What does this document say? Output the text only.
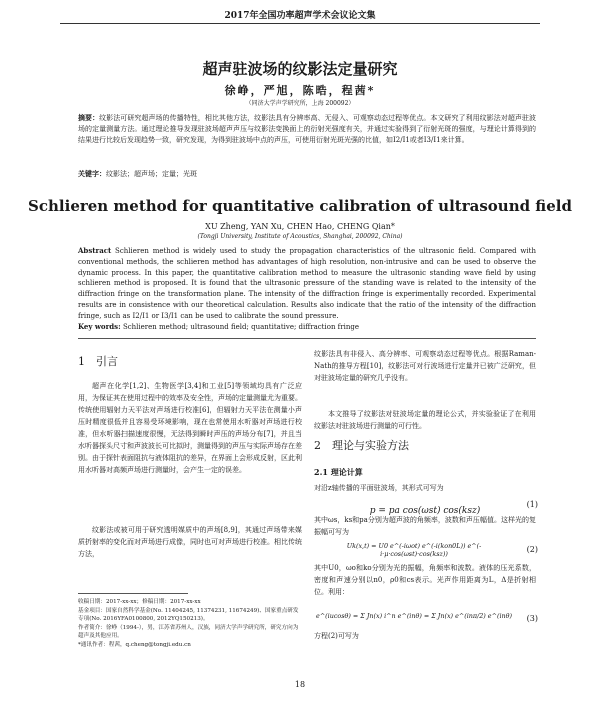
2017年全国功率超声学术会议论文集
超声驻波场的纹影法定量研究
徐峥，严旭，陈晧，程茜*
（同济大学声学研究所，上海 200092）
摘要：纹影法可研究超声场的传播特性，相比其他方法，纹影法具有分辨率高、无侵入、可观察动态过程等优点。本文研究了利用纹影法对超声驻波场的定量测量方法。通过理论推导发现驻波场超声声压与纹影法变换面上的衍射光强度有关，并通过实验得到了衍射光斑的强度，与理论计算得到的结果进行比较后发现趋势一致，研究发现，为得到驻波场中点的声压，可使用衍射光斑光强的比值，如I2/I1或者I3/I1来计算。
关键字：纹影法；超声场；定量；光斑
Schlieren method for quantitative calibration of ultrasound field
XU Zheng, YAN Xu, CHEN Hao, CHENG Qian*
(Tongji University, Institute of Acoustics, Shanghai, 200092, China)
Abstract Schlieren method is widely used to study the propagation characteristics of the ultrasonic field. Compared with conventional methods, the schlieren method has advantages of high resolution, non-intrusive and can be used to observe the dynamic process. In this paper, the quantitative calibration method to measure the ultrasonic standing wave field by using schlieren method is proposed. It is found that the ultrasonic pressure of the standing wave is related to the intensity of the diffraction fringe on the transformation plane. The intensity of the diffraction fringe is experimentally recorded. Experimental results are in consistence with our theoretical calculation. Results also indicate that the ratio of the intensity of the diffraction fringe, such as I2/I1 or I3/I1 can be used to calibrate the sound pressure.
Key words: Schlieren method; ultrasound field; quantitative; diffraction fringe
1　引言
超声在化学[1,2]、生物医学[3,4]和工业[5]等领域均具有广泛应用，为保证其在使用过程中的效率及安全性，声场的定量测量尤为重要。传统使用辐射力天平法对声场进行校准[6]，但辐射力天平法在测量小声压时精度很低并且容易受环境影响，现在也常使用水听器对声场进行校准，但水听器扫描速度很慢，无法得到瞬时声压的声场分布[7]，并且当水听器探头尺寸和声波波长可比拟时，测量得到的声压与实际声场存在差别。由于探针表面阻抗与液体阻抗的差异，在界面上会形成反射，区此利用水听器对高频声场进行测量时，会产生一定的误差。
纹影法或被可用于研究透明媒质中的声场[8,9]，其通过声场带来媒质折射率的变化而对声场进行成像，同时也可对声场进行校准。相比传统方法，
收稿日期：2017-xx-xx；修稿日期：2017-xx-xx
基金项目：国家自然科学基金(No. 11404245, 11374231, 11674249)、国家重点研发专项(No. 2016YFA0100800, 2012YQ150213)。
作者简介：徐峥（1994-），男，江苏省苏州人，汉族，同济大学声学研究所，研究方向为超声及其他应用。
*通讯作者：程茜，q.cheng@tongji.edu.cn
纹影法具有非侵入、高分辨率、可观察动态过程等优点。根据Raman-Nath的推导方程[10]，纹影法可对行波场进行定量并已被广泛研究，但对驻波场定量的研究几乎没有。
本文推导了纹影法对驻波场定量的理论公式，并实验验证了在利用纹影法对驻波场进行测量的可行性。
2　理论与实验方法
2.1 理论计算
对沿z轴传播的平面驻波场，其形式可写为
p = pa cos(ωst) cos(ksz)
(1)
其中ωs，ks和pa分别为超声波的角频率，波数和声压幅值。这样光的复振幅可写为
Uk(x,t) = U0 e^(-iωot) e^(-i(kon0L)) e^(-i·μ·cos(ωst)·cos(ksz))	(2)
其中U0，ωo和ko分别为光的振幅，角频率和波数。液体的压光系数，密度和声速分别以n0，ρ0和cs表示。光声作用距离为L，Δ是折射相位。利用：
e^(iucosθ) = Σ Jn(x) i^n e^(inθ) = Σ Jn(x) e^(inπ/2) e^(inθ)	(3)
方程(2)可写为
18
